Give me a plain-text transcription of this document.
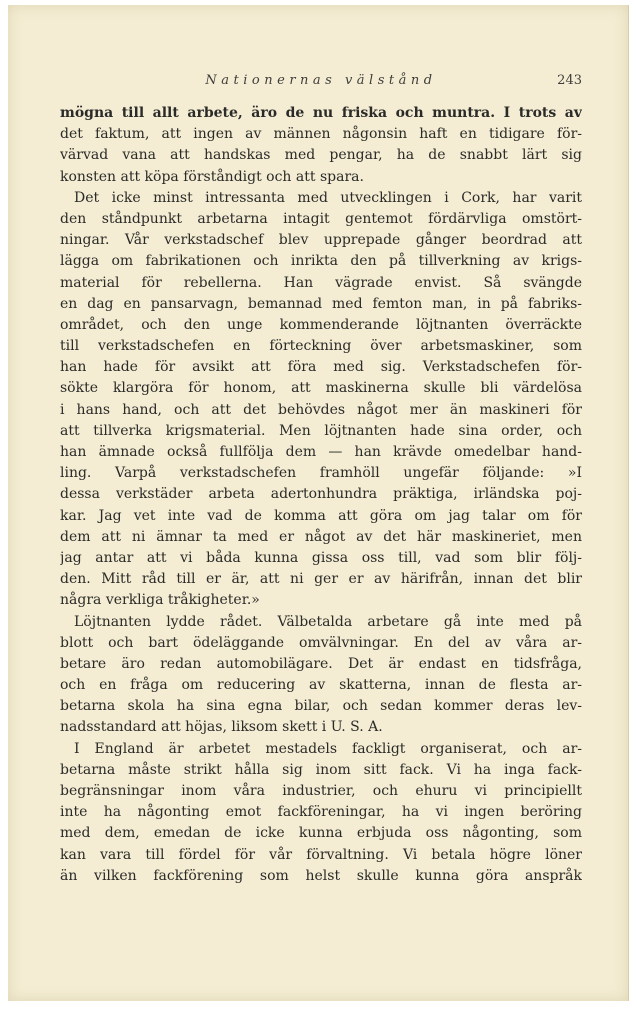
Nationernas välstånd	243
mögna till allt arbete, äro de nu friska och muntra. I trots av
det faktum, att ingen av männen någonsin haft en tidigare för-
värvad vana att handskas med pengar, ha de snabbt lärt sig
konsten att köpa förståndigt och att spara.
Det icke minst intressanta med utvecklingen i Cork, har varit
den ståndpunkt arbetarna intagit gentemot fördärvliga omstört-
ningar. Vår verkstadschef blev upprepade gånger beordrad att
lägga om fabrikationen och inrikta den på tillverkning av krigs-
material för rebellerna. Han vägrade envist. Så svängde
en dag en pansarvagn, bemannad med femton man, in på fabriks-
området, och den unge kommenderande löjtnanten överräckte
till verkstadschefen en förteckning över arbetsmaskiner, som
han hade för avsikt att föra med sig. Verkstadschefen för-
sökte klargöra för honom, att maskinerna skulle bli värdelösa
i hans hand, och att det behövdes något mer än maskineri för
att tillverka krigsmaterial. Men löjtnanten hade sina order, och
han ämnade också fullfölja dem — han krävde omedelbar hand-
ling. Varpå verkstadschefen framhöll ungefär följande: »I
dessa verkstäder arbeta adertonhundra präktiga, irländska poj-
kar. Jag vet inte vad de komma att göra om jag talar om för
dem att ni ämnar ta med er något av det här maskineriet, men
jag antar att vi båda kunna gissa oss till, vad som blir följ-
den. Mitt råd till er är, att ni ger er av härifrån, innan det blir
några verkliga tråkigheter.»
Löjtnanten lydde rådet. Välbetalda arbetare gå inte med på
blott och bart ödeläggande omvälvningar. En del av våra ar-
betare äro redan automobilägare. Det är endast en tidsfråga,
och en fråga om reducering av skatterna, innan de flesta ar-
betarna skola ha sina egna bilar, och sedan kommer deras lev-
nadsstandard att höjas, liksom skett i U. S. A.
I England är arbetet mestadels fackligt organiserat, och ar-
betarna måste strikt hålla sig inom sitt fack. Vi ha inga fack-
begränsningar inom våra industrier, och ehuru vi principiellt
inte ha någonting emot fackföreningar, ha vi ingen beröring
med dem, emedan de icke kunna erbjuda oss någonting, som
kan vara till fördel för vår förvaltning. Vi betala högre löner
än vilken fackförening som helst skulle kunna göra anspråk
